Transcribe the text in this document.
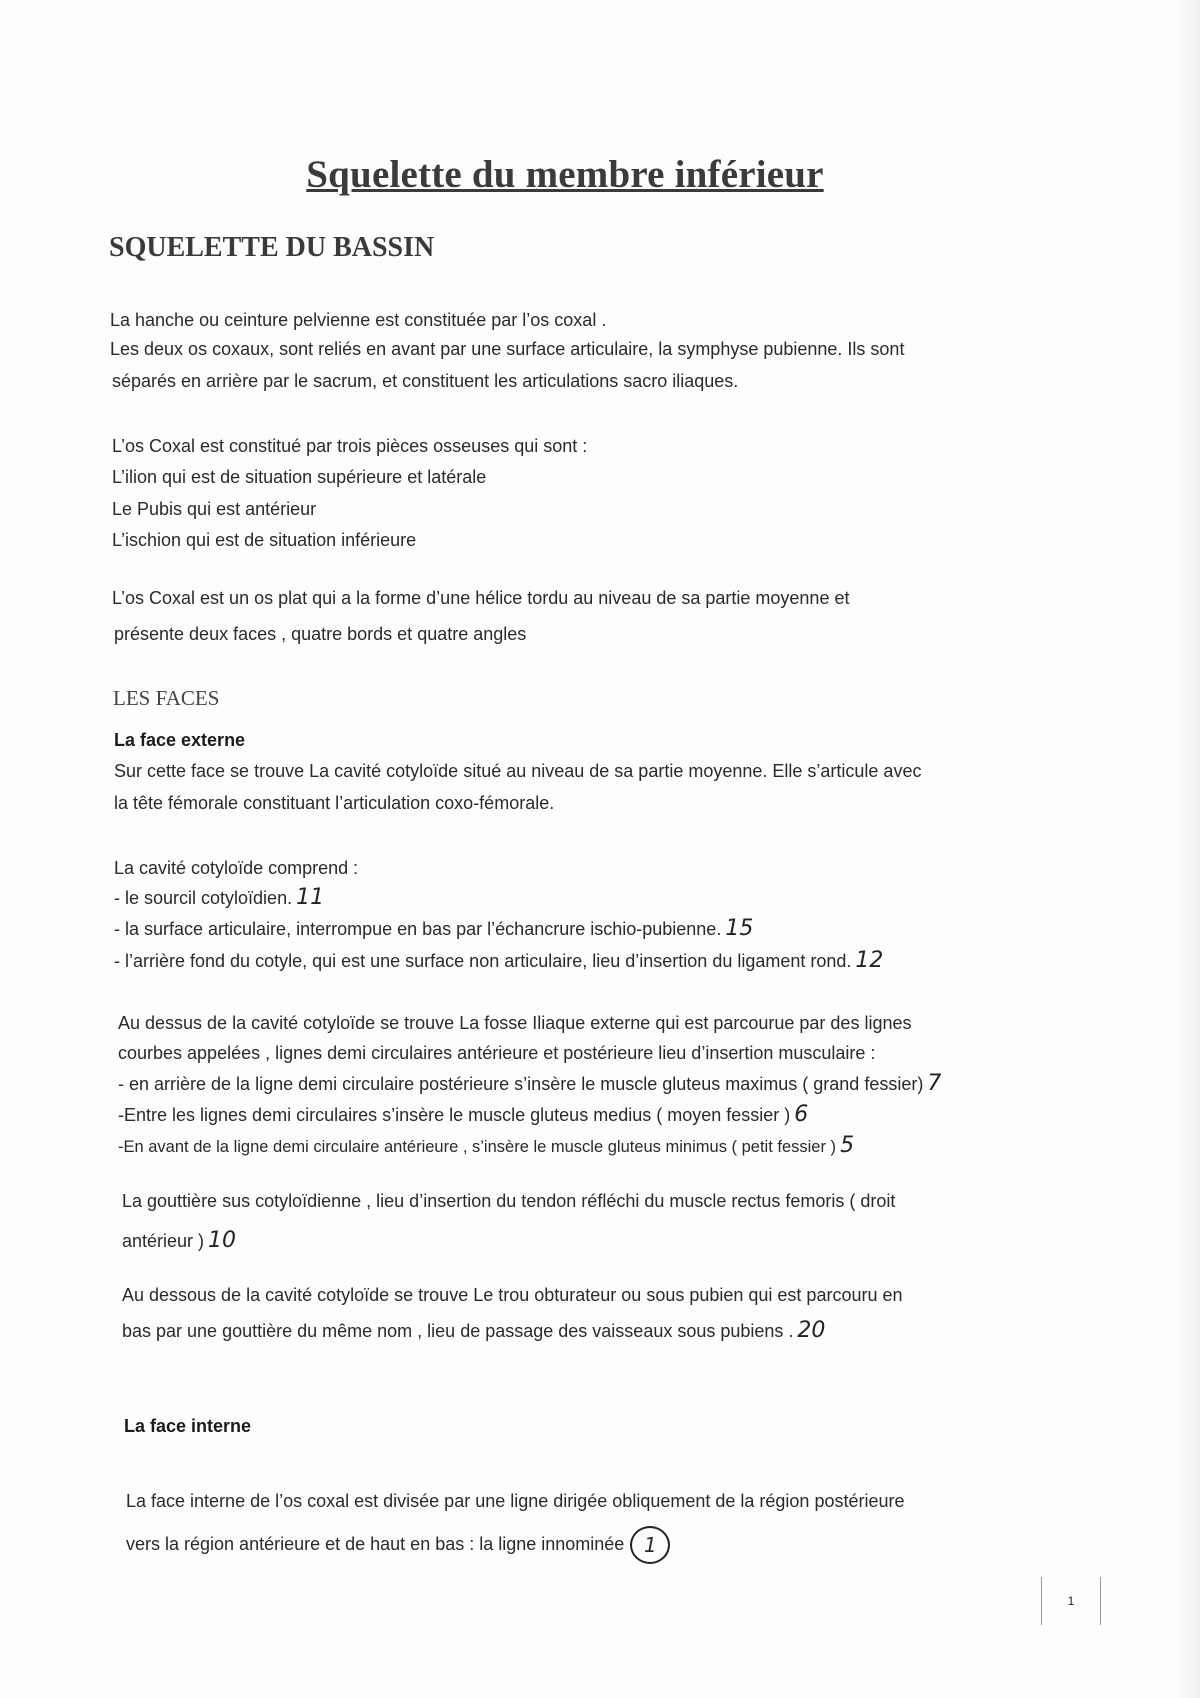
Squelette du membre inférieur
SQUELETTE DU BASSIN
La hanche ou ceinture pelvienne est constituée par l’os coxal .
Les deux os coxaux, sont reliés en avant par une surface articulaire, la symphyse pubienne. Ils sont
séparés en arrière par le sacrum, et constituent les articulations sacro iliaques.
L’os Coxal est constitué par trois pièces osseuses qui sont :
L’ilion qui est de situation supérieure et latérale
Le Pubis qui est antérieur
L’ischion qui est de situation inférieure
L’os Coxal est un os plat qui a la forme d’une hélice tordu au niveau de sa partie moyenne et
présente deux faces , quatre bords et quatre angles
LES FACES
La face externe
Sur cette face se trouve La cavité cotyloïde situé au niveau de sa partie moyenne. Elle s’articule avec
la tête fémorale constituant l’articulation coxo-fémorale.
La cavité cotyloïde comprend :
- le sourcil cotyloïdien. 11
- la surface articulaire, interrompue en bas par l’échancrure ischio-pubienne. 15
- l’arrière fond du cotyle, qui est une surface non articulaire, lieu d’insertion du ligament rond. 12
Au dessus de la cavité cotyloïde se trouve La fosse Iliaque externe qui est parcourue par des lignes
courbes appelées , lignes demi circulaires antérieure et postérieure lieu d’insertion musculaire :
- en arrière de la ligne demi circulaire postérieure s’insère le muscle gluteus maximus ( grand fessier) 7
-Entre les lignes demi circulaires s’insère le muscle gluteus medius ( moyen fessier ) 6
-En avant de la ligne demi circulaire antérieure , s’insère le muscle gluteus minimus ( petit fessier ) 5
La gouttière sus cotyloïdienne , lieu d’insertion du tendon réfléchi du muscle rectus femoris ( droit
antérieur ) 10
Au dessous de la cavité cotyloïde se trouve Le trou obturateur ou sous pubien qui est parcouru en
bas par une gouttière du même nom , lieu de passage des vaisseaux sous pubiens . 20
La face interne
La face interne de l’os coxal est divisée par une ligne dirigée obliquement de la région postérieure
vers la région antérieure et de haut en bas : la ligne innominée 1
1
